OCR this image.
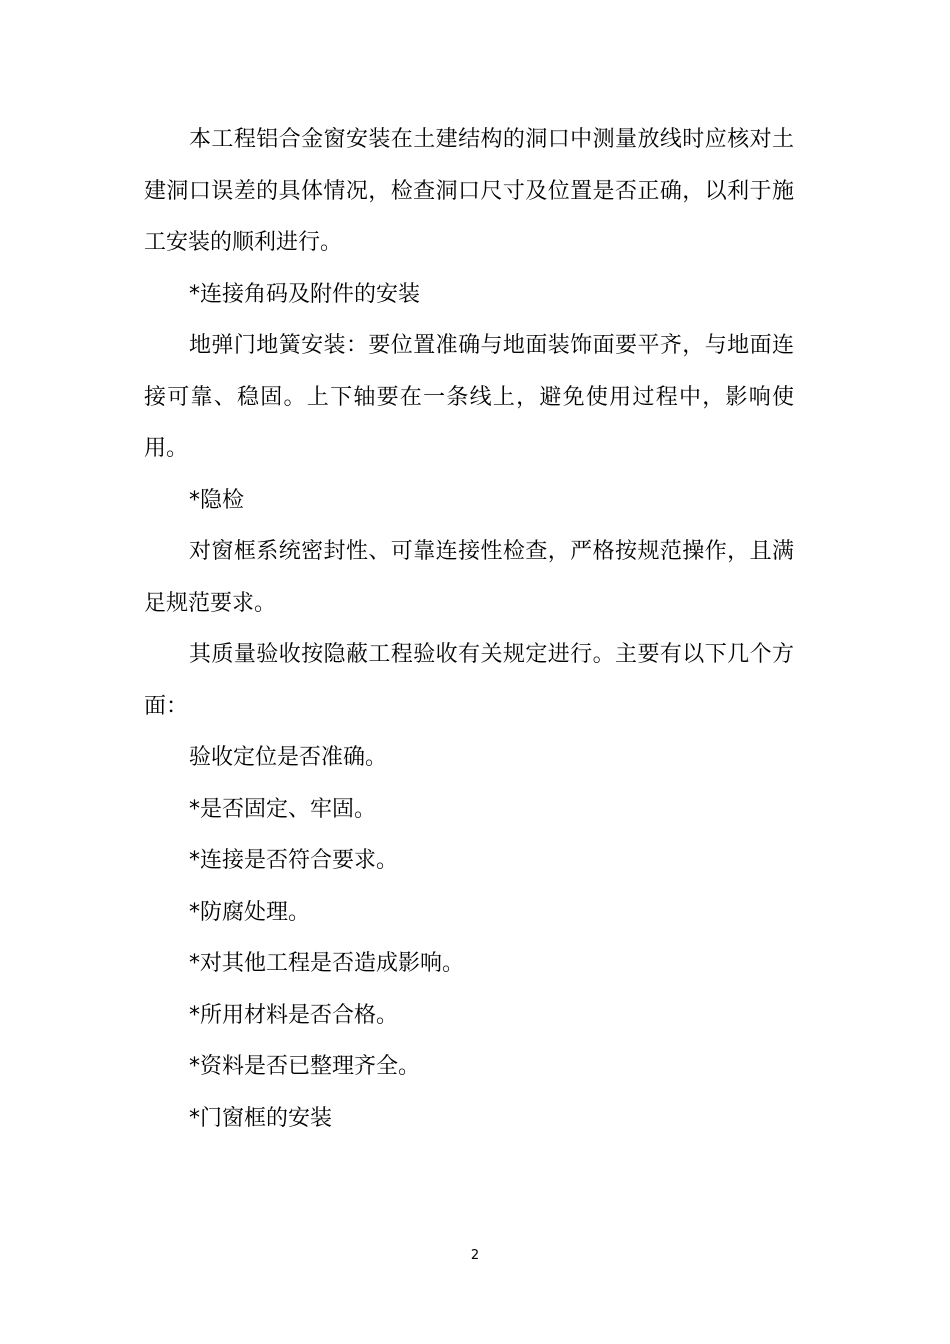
本工程铝合金窗安装在土建结构的洞口中测量放线时应核对土建洞口误差的具体情况，检查洞口尺寸及位置是否正确，以利于施工安装的顺利进行。

*连接角码及附件的安装

地弹门地簧安装：要位置准确与地面装饰面要平齐，与地面连接可靠、稳固。上下轴要在一条线上，避免使用过程中，影响使用。

*隐检

对窗框系统密封性、可靠连接性检查，严格按规范操作，且满足规范要求。

其质量验收按隐蔽工程验收有关规定进行。主要有以下几个方面：

验收定位是否准确。

*是否固定、牢固。

*连接是否符合要求。

*防腐处理。

*对其他工程是否造成影响。

*所用材料是否合格。

*资料是否已整理齐全。

*门窗框的安装

2
